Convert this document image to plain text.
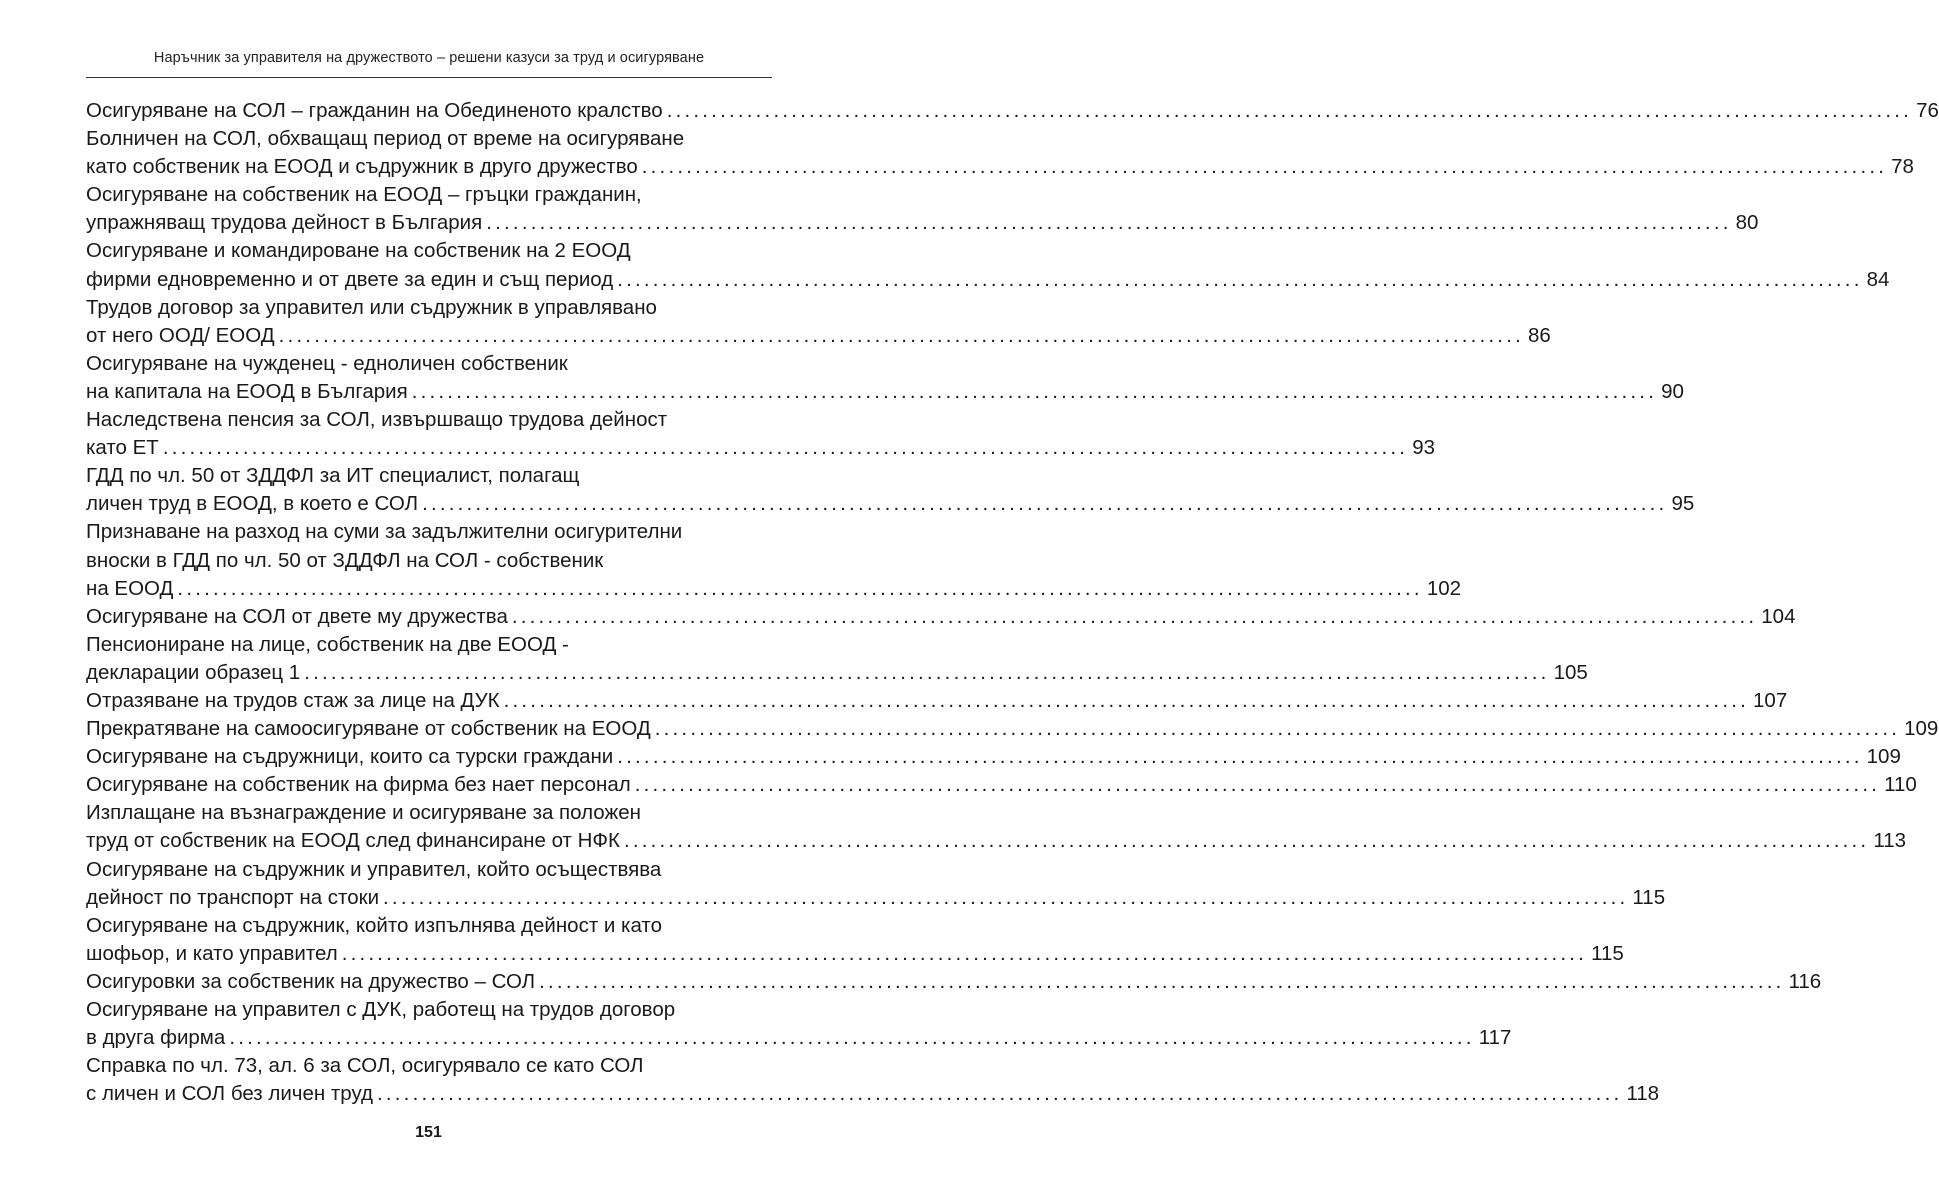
Наръчник за управителя на дружеството – решени казуси за труд и осигуряване
Осигуряване на СОЛ – гражданин на Обединеното кралство ............................................................................................................................................ 76
Болничен на СОЛ, обхващащ период от време на осигуряване
като собственик на ЕООД и съдружник в друго дружество ............................................................................................................................................ 78
Осигуряване на собственик на ЕООД – гръцки гражданин,
упражняващ трудова дейност в България ............................................................................................................................................ 80
Осигуряване и командироване на собственик на 2 ЕООД
фирми едновременно и от двете за един и същ период ............................................................................................................................................ 84
Трудов договор за управител или съдружник в управлявано
от него ООД/ ЕООД ............................................................................................................................................ 86
Осигуряване на чужденец - едноличен собственик
на капитала на ЕООД в България ............................................................................................................................................ 90
Наследствена пенсия за СОЛ, извършващо трудова дейност
като ЕТ ............................................................................................................................................ 93
ГДД по чл. 50 от ЗДДФЛ за ИТ специалист, полагащ
личен труд в ЕООД, в което е СОЛ ............................................................................................................................................ 95
Признаване на разход на суми за задължителни осигурителни
вноски в ГДД по чл. 50 от ЗДДФЛ на СОЛ - собственик
на ЕООД ............................................................................................................................................ 102
Осигуряване на СОЛ от двете му дружества ............................................................................................................................................ 104
Пенсиониране на лице, собственик на две ЕООД -
декларации образец 1 ............................................................................................................................................ 105
Отразяване на трудов стаж за лице на ДУК ............................................................................................................................................ 107
Прекратяване на самоосигуряване от собственик на ЕООД ............................................................................................................................................ 109
Осигуряване на съдружници, които са турски граждани ............................................................................................................................................ 109
Осигуряване на собственик на фирма без нает персонал ............................................................................................................................................ 110
Изплащане на възнаграждение и осигуряване за положен
труд от собственик на ЕООД след финансиране от НФК ............................................................................................................................................ 113
Осигуряване на съдружник и управител, който осъществява
дейност по транспорт на стоки ............................................................................................................................................ 115
Осигуряване на съдружник, който изпълнява дейност и като
шофьор, и като управител ............................................................................................................................................ 115
Осигуровки за собственик на дружество – СОЛ ............................................................................................................................................ 116
Осигуряване на управител с ДУК, работещ на трудов договор
в друга фирма ............................................................................................................................................ 117
Справка по чл. 73, ал. 6 за СОЛ, осигурявало се като СОЛ
с личен и СОЛ без личен труд ............................................................................................................................................ 118
151
